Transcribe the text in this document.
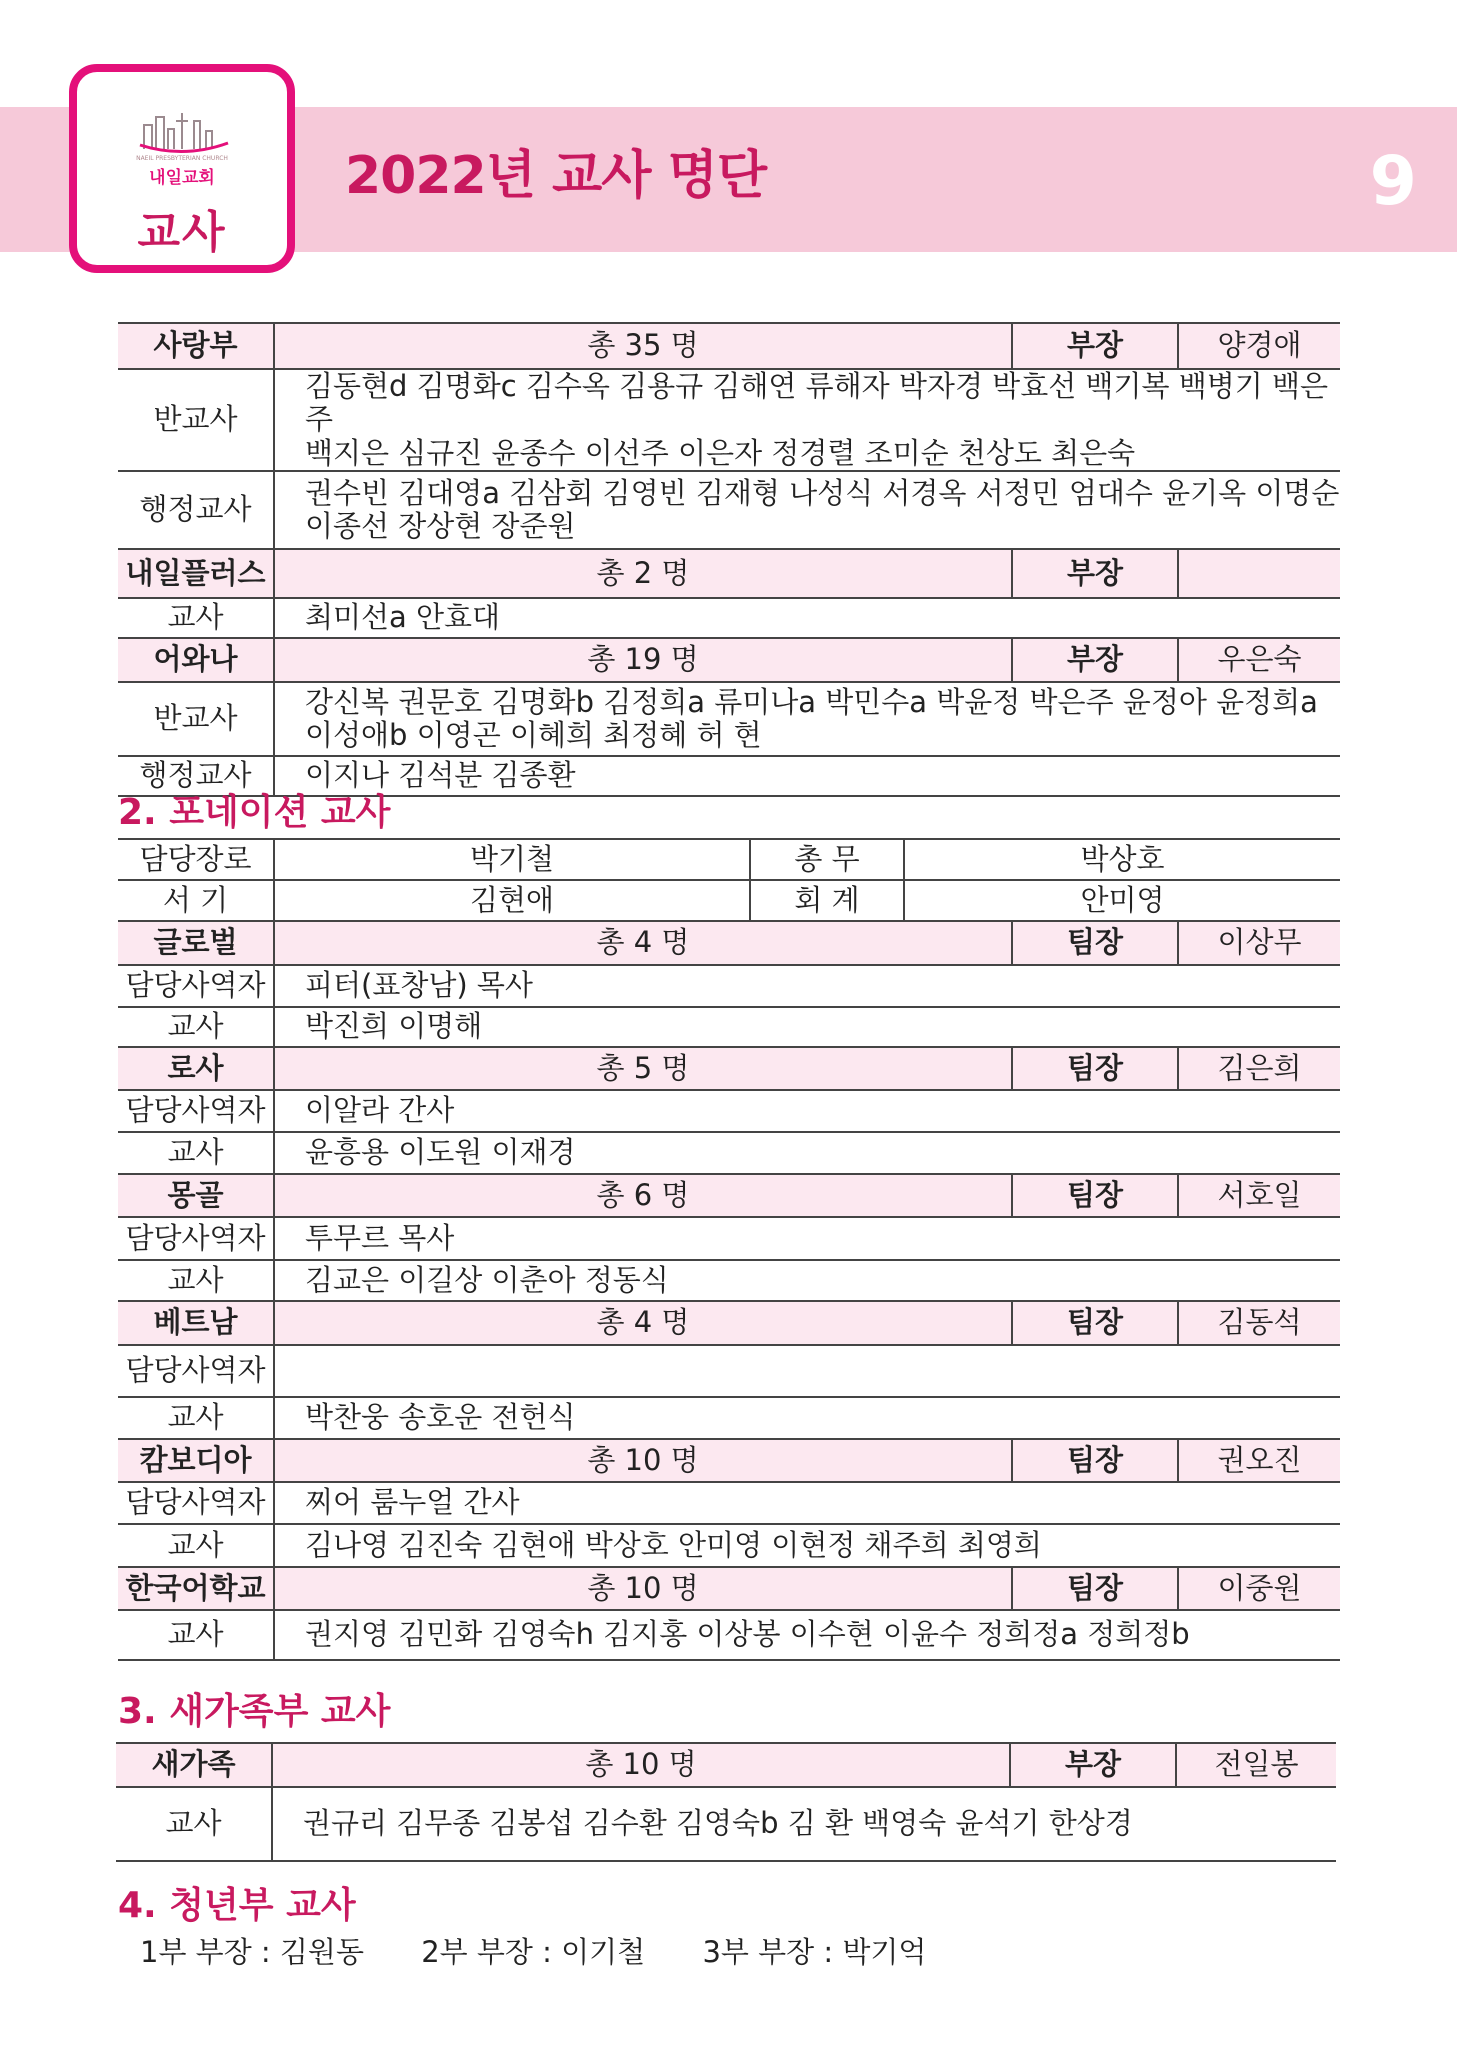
2022년 교사 명단	9
NAEIL PRESBYTERIAN CHURCH
내일교회
교사
사랑부	총 35 명	부장	양경애
반교사	김동현d 김명화c 김수옥 김용규 김해연 류해자 박자경 박효선 백기복 백병기 백은주
백지은 심규진 윤종수 이선주 이은자 정경렬 조미순 천상도 최은숙		

행정교사	권수빈 김대영a 김삼회 김영빈 김재형 나성식 서경옥 서정민 엄대수 윤기옥 이명순
이종선 장상현 장준원		

내일플러스	총 2 명	부장	
교사	최미선a 안효대		
어와나	총 19 명	부장	우은숙
반교사	강신복 권문호 김명화b 김정희a 류미나a 박민수a 박윤정 박은주 윤정아 윤정희a
이성애b 이영곤 이혜희 최정혜 허 현		

행정교사	이지나 김석분 김종환		
2. 포네이션 교사
담당장로	박기철	총 무	박상호		
서 기	김현애	회 계	안미영		
글로벌	총 4 명			팀장	이상무
담당사역자	피터(표창남) 목사				
교사	박진희 이명해				
로사	총 5 명			팀장	김은희
담당사역자	이알라 간사				
교사	윤흥용 이도원 이재경				
몽골	총 6 명			팀장	서호일
담당사역자	투무르 목사				
교사	김교은 이길상 이춘아 정동식				
베트남	총 4 명			팀장	김동석
담당사역자					
교사	박찬웅 송호운 전헌식				
캄보디아	총 10 명			팀장	권오진
담당사역자	찌어 룸누얼 간사				
교사	김나영 김진숙 김현애 박상호 안미영 이현정 채주희 최영희				
한국어학교	총 10 명			팀장	이중원
교사	권지영 김민화 김영숙h 김지홍 이상봉 이수현 이윤수 정희정a 정희정b				
3. 새가족부 교사
새가족	총 10 명	부장	전일봉
교사	권규리 김무종 김봉섭 김수환 김영숙b 김 환 백영숙 윤석기 한상경		
4. 청년부 교사
1부 부장 : 김원동 2부 부장 : 이기철 3부 부장 : 박기억
